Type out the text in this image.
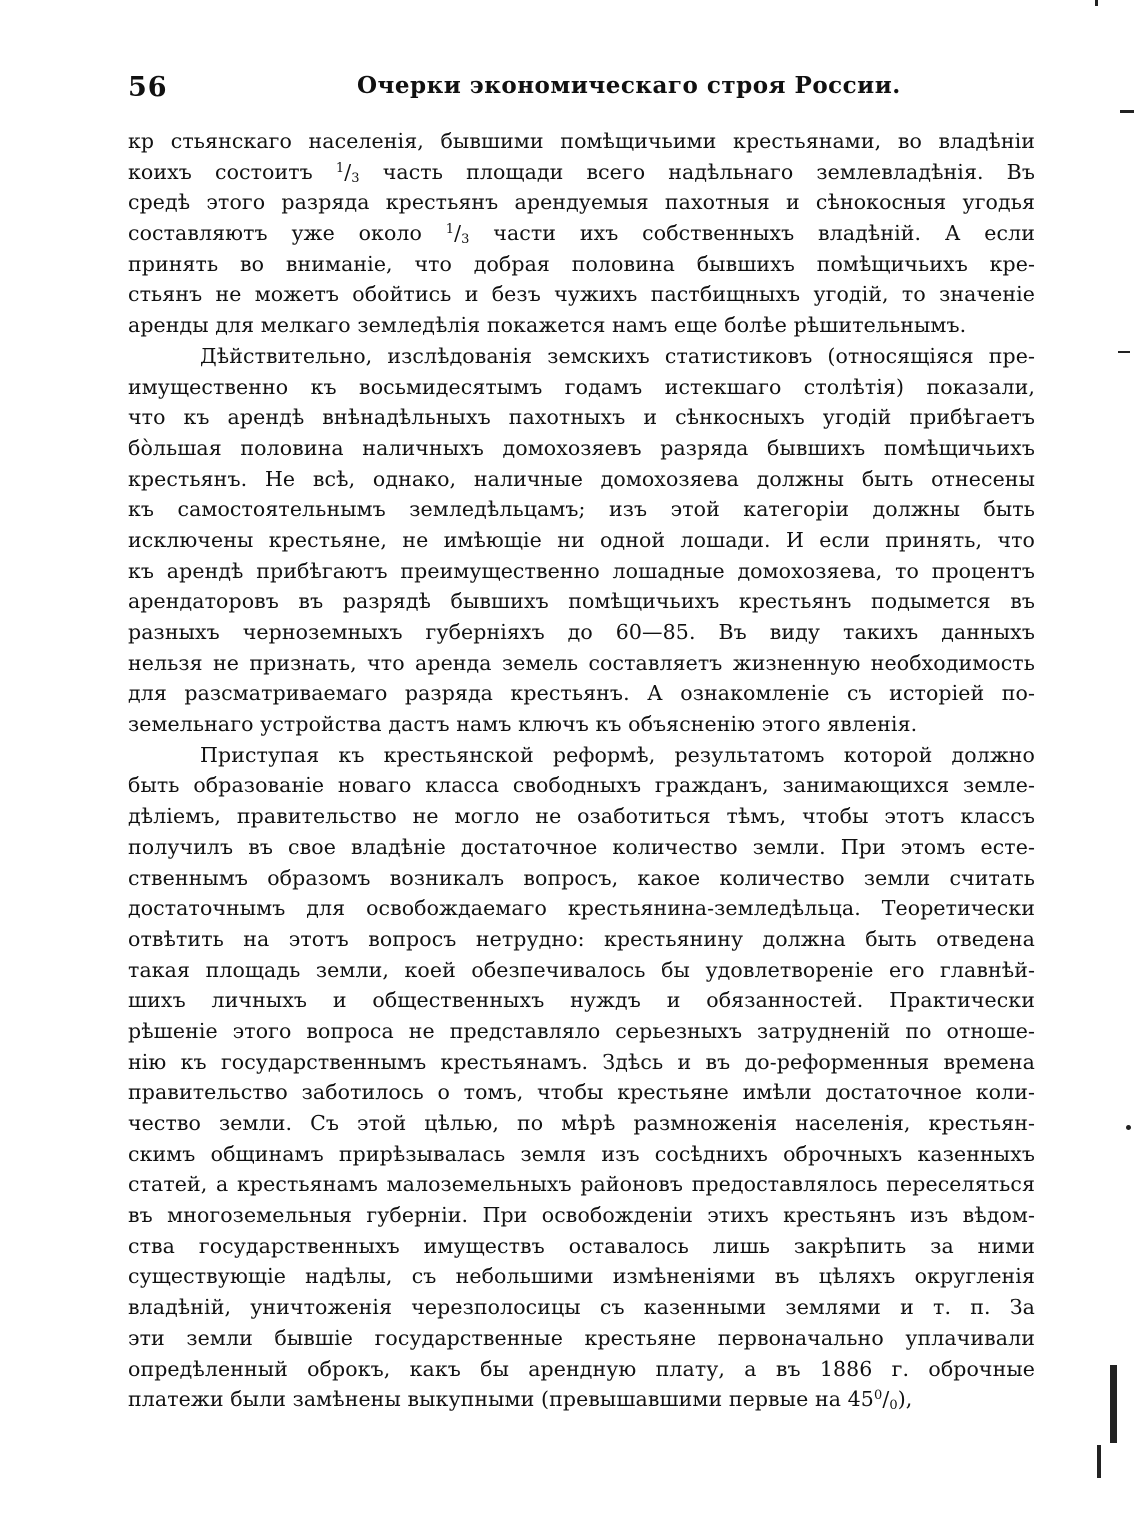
56	Очерки экономическаго строя России.
кр стьянскаго населенія, бывшими помѣщичьими крестьянами, во владѣніи
коихъ состоитъ $^1$/3 часть площади всего надѣльнаго землевладѣнія. Въ
средѣ этого разряда крестьянъ арендуемыя пахотныя и сѣнокосныя угодья
составляютъ уже около $^1$/3 части ихъ собственныхъ владѣній. А если
принять во вниманіе, что добрая половина бывшихъ помѣщичьихъ кре-
стьянъ не можетъ обойтись и безъ чужихъ пастбищныхъ угодій, то значеніе
аренды для мелкаго земледѣлія покажется намъ еще болѣе рѣшительнымъ.
Дѣйствительно, изслѣдованія земскихъ статистиковъ (относящіяся пре-
имущественно къ восьмидесятымъ годамъ истекшаго столѣтія) показали,
что къ арендѣ внѣнадѣльныхъ пахотныхъ и сѣнкосныхъ угодій прибѣгаетъ
бòльшая половина наличныхъ домохозяевъ разряда бывшихъ помѣщичьихъ
крестьянъ. Не всѣ, однако, наличные домохозяева должны быть отнесены
къ самостоятельнымъ земледѣльцамъ; изъ этой категоріи должны быть
исключены крестьяне, не имѣющіе ни одной лошади. И если принять, что
къ арендѣ прибѣгаютъ преимущественно лошадные домохозяева, то процентъ
арендаторовъ въ разрядѣ бывшихъ помѣщичьихъ крестьянъ подымется въ
разныхъ черноземныхъ губерніяхъ до 60—85. Въ виду такихъ данныхъ
нельзя не признать, что аренда земель составляетъ жизненную необходимость
для разсматриваемаго разряда крестьянъ. А ознакомленіе съ исторіей по-
земельнаго устройства дастъ намъ ключъ къ объясненію этого явленія.
Приступая къ крестьянской реформѣ, результатомъ которой должно
быть образованіе новаго класса свободныхъ гражданъ, занимающихся земле-
дѣліемъ, правительство не могло не озаботиться тѣмъ, чтобы этотъ классъ
получилъ въ свое владѣніе достаточное количество земли. При этомъ есте-
ственнымъ образомъ возникалъ вопросъ, какое количество земли считать
достаточнымъ для освобождаемаго крестьянина-земледѣльца. Теоретически
отвѣтить на этотъ вопросъ нетрудно: крестьянину должна быть отведена
такая площадь земли, коей обезпечивалось бы удовлетвореніе его главнѣй-
шихъ личныхъ и общественныхъ нуждъ и обязанностей. Практически
рѣшеніе этого вопроса не представляло серьезныхъ затрудненій по отноше-
нію къ государственнымъ крестьянамъ. Здѣсь и въ до-реформенныя времена
правительство заботилось о томъ, чтобы крестьяне имѣли достаточное коли-
чество земли. Съ этой цѣлью, по мѣрѣ размноженія населенія, крестьян-
скимъ общинамъ прирѣзывалась земля изъ сосѣднихъ оброчныхъ казенныхъ
статей, а крестьянамъ малоземельныхъ районовъ предоставлялось переселяться
въ многоземельныя губерніи. При освобожденіи этихъ крестьянъ изъ вѣдом-
ства государственныхъ имуществъ оставалось лишь закрѣпить за ними
существующіе надѣлы, съ небольшими измѣненіями въ цѣляхъ округленія
владѣній, уничтоженія черезполосицы съ казенными землями и т. п. За
эти земли бывшіе государственные крестьяне первоначально уплачивали
опредѣленный оброкъ, какъ бы арендную плату, а въ 1886 г. оброчные
платежи были замѣнены выкупными (превышавшими первые на $45^0/0$),
